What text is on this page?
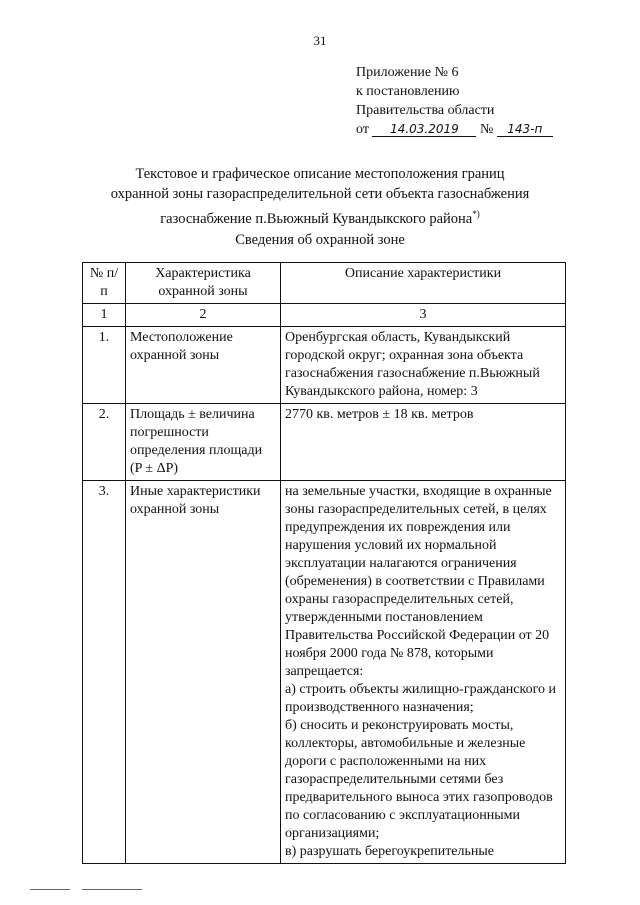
31
Приложение № 6
к постановлению
Правительства области
от 14.03.2019 № 143-п
Текстовое и графическое описание местоположения границ
охранной зоны газораспределительной сети объекта газоснабжения
газоснабжение п.Вьюжный Кувандыкского района*)
Сведения об охранной зоне
№ п/п	Характеристика охранной зоны	Описание характеристики
1	2	3
1.	Местоположение охранной зоны	Оренбургская область, Кувандыкский городской округ; охранная зона объекта газоснабжения газоснабжение п.Вьюжный Кувандыкского района, номер: 3

2.	Площадь ± величина погрешности определения площади (P ± ΔP)	2770 кв. метров ± 18 кв. метров

3.	Иные характеристики охранной зоны	на земельные участки, входящие в охранные зоны газораспределительных сетей, в целях предупреждения их повреждения или нарушения условий их нормальной эксплуатации налагаются ограничения (обременения) в соответствии с Правилами охраны газораспределительных сетей, утвержденными постановлением Правительства Российской Федерации от 20 ноября 2000 года № 878, которыми запрещается:
а) строить объекты жилищно-гражданского и производственного назначения;
б) сносить и реконструировать мосты, коллекторы, автомобильные и железные дороги с расположенными на них газораспределительными сетями без предварительного выноса этих газопроводов по согласованию с эксплуатационными организациями;
в) разрушать берегоукрепительные
